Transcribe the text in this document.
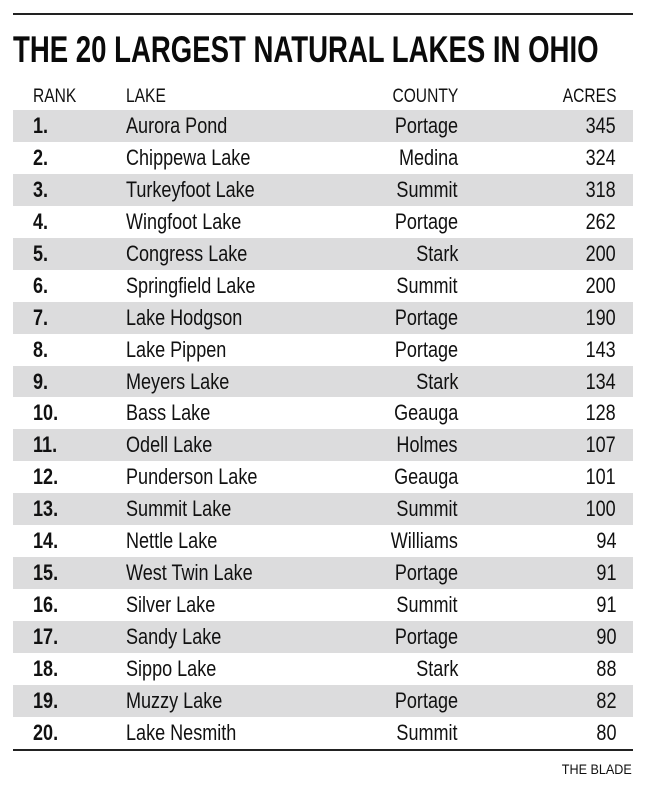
THE 20 LARGEST NATURAL LAKES IN OHIO
RANK	LAKE	COUNTY	ACRES
1.	Aurora Pond	Portage	345
2.	Chippewa Lake	Medina	324
3.	Turkeyfoot Lake	Summit	318
4.	Wingfoot Lake	Portage	262
5.	Congress Lake	Stark	200
6.	Springfield Lake	Summit	200
7.	Lake Hodgson	Portage	190
8.	Lake Pippen	Portage	143
9.	Meyers Lake	Stark	134
10.	Bass Lake	Geauga	128
11.	Odell Lake	Holmes	107
12.	Punderson Lake	Geauga	101
13.	Summit Lake	Summit	100
14.	Nettle Lake	Williams	94
15.	West Twin Lake	Portage	91
16.	Silver Lake	Summit	91
17.	Sandy Lake	Portage	90
18.	Sippo Lake	Stark	88
19.	Muzzy Lake	Portage	82
20.	Lake Nesmith	Summit	80
THE BLADE
